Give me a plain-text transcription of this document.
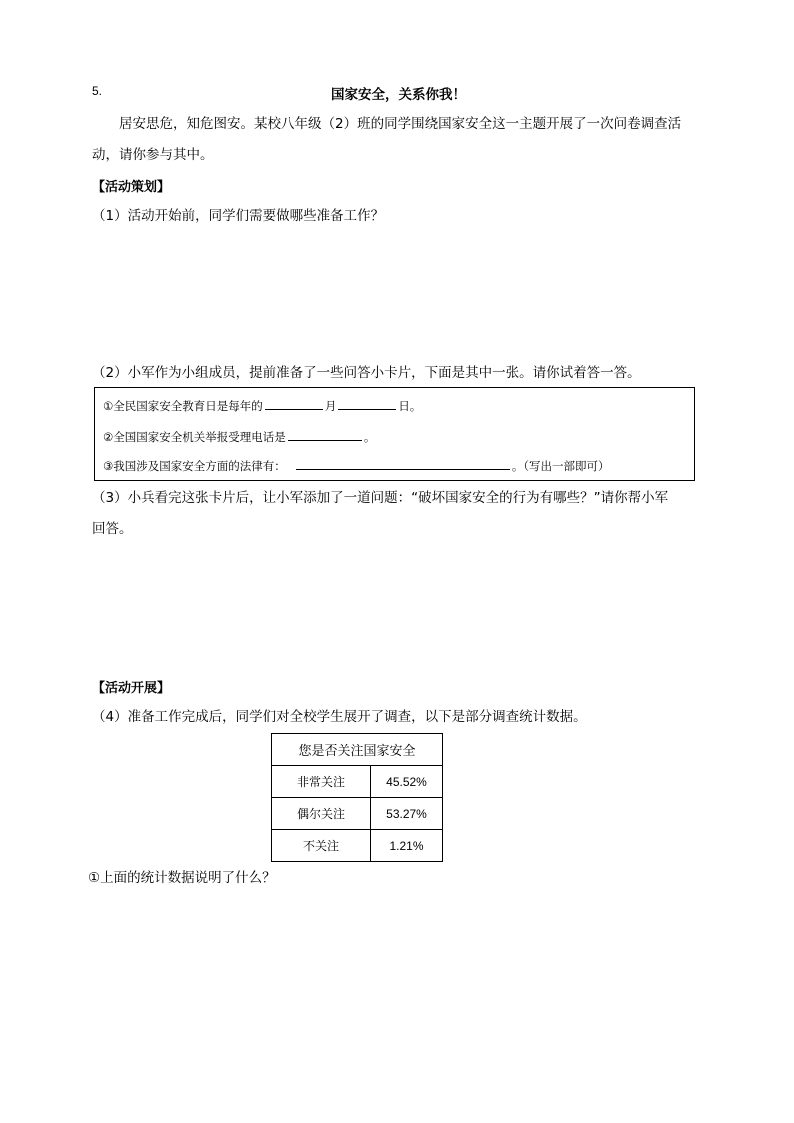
5.	国家安全，关系你我！
居安思危，知危图安。某校八年级（2）班的同学围绕国家安全这一主题开展了一次问卷调查活
动，请你参与其中。
【活动策划】
（1）活动开始前，同学们需要做哪些准备工作？
（2）小军作为小组成员，提前准备了一些问答小卡片，下面是其中一张。请你试着答一答。
①全民国家安全教育日是每年的	月	日。
②全国国家安全机关举报受理电话是	。
③我国涉及国家安全方面的法律有：	。（写出一部即可）
（3）小兵看完这张卡片后，让小军添加了一道问题：“破坏国家安全的行为有哪些？”请你帮小军
回答。
【活动开展】
（4）准备工作完成后，同学们对全校学生展开了调查，以下是部分调查统计数据。
您是否关注国家安全	
非常关注	45.52%
偶尔关注	53.27%
不关注	1.21%
①上面的统计数据说明了什么？
